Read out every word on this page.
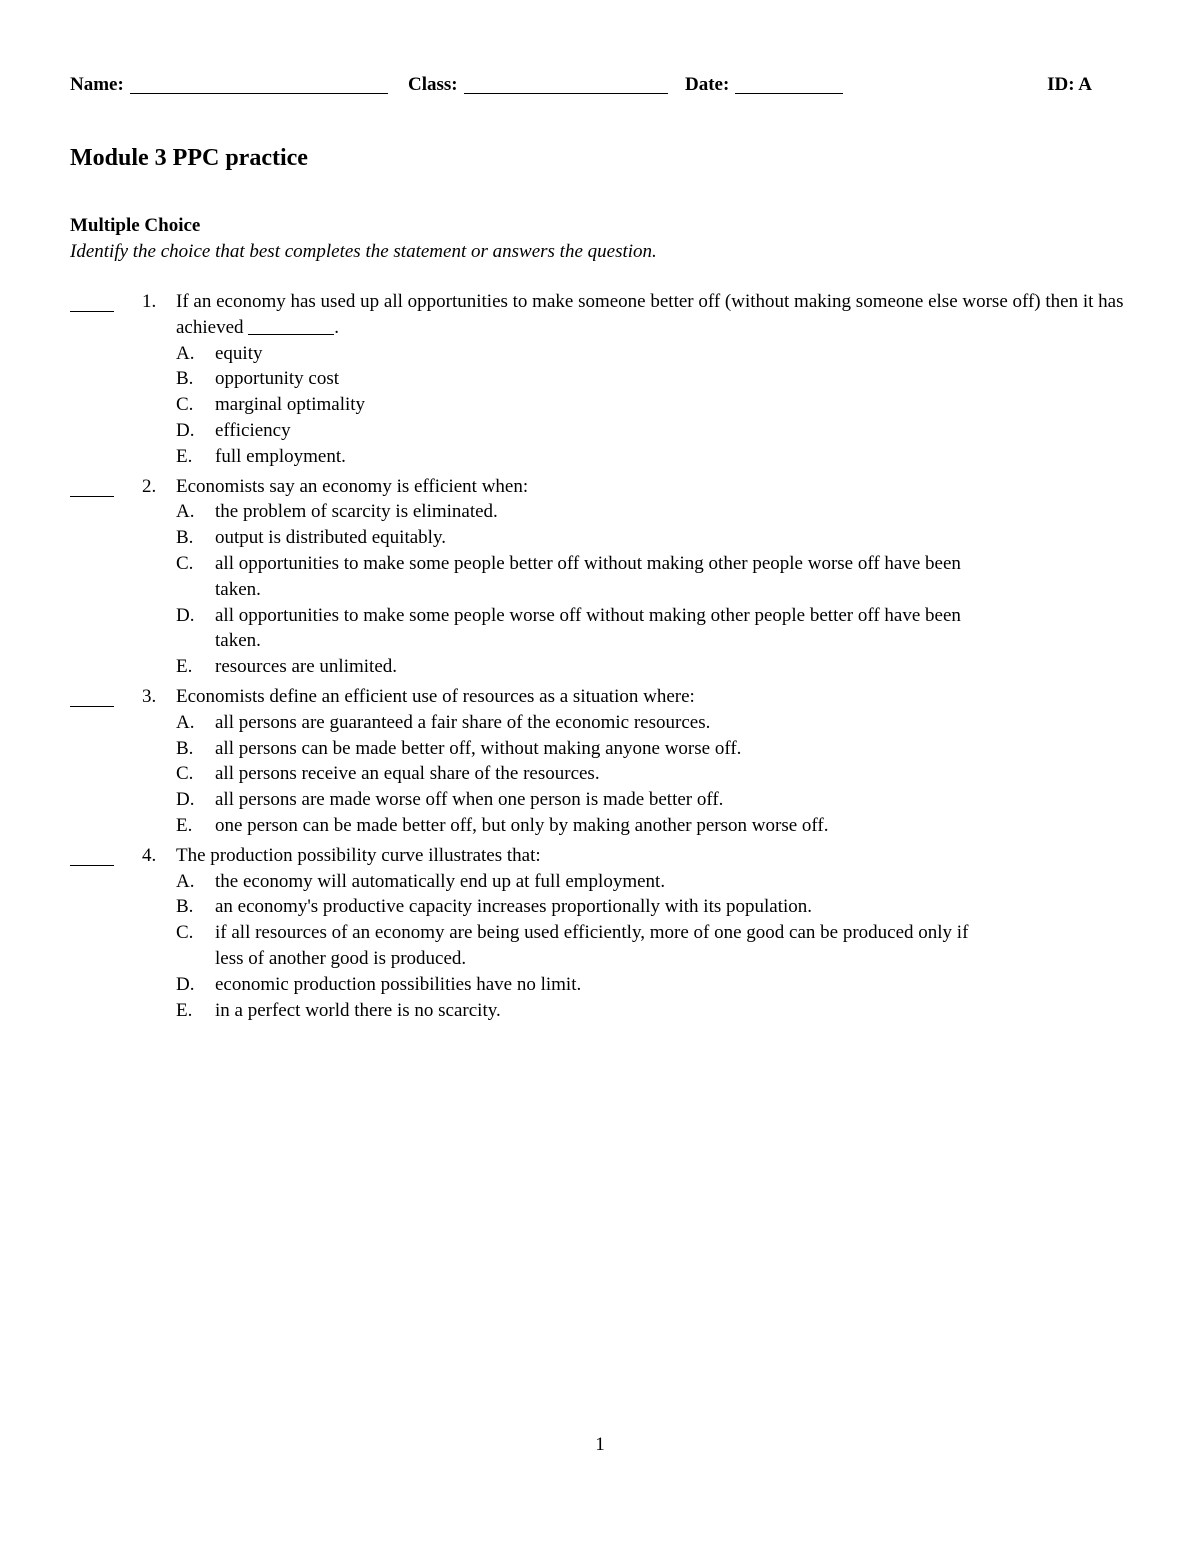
Name:	Class:	Date:	ID: A
Module 3 PPC practice
Multiple Choice
Identify the choice that best completes the statement or answers the question.
1.	If an economy has used up all opportunities to make someone better off (without making someone else worse off) then it has achieved	.
A. equity
B. opportunity cost
C. marginal optimality
D. efficiency
E. full employment.
2.	Economists say an economy is efficient when:
A. the problem of scarcity is eliminated.
B. output is distributed equitably.
C. all opportunities to make some people better off without making other people worse off have been taken.
D. all opportunities to make some people worse off without making other people better off have been taken.
E. resources are unlimited.
3.	Economists define an efficient use of resources as a situation where:
A. all persons are guaranteed a fair share of the economic resources.
B. all persons can be made better off, without making anyone worse off.
C. all persons receive an equal share of the resources.
D. all persons are made worse off when one person is made better off.
E. one person can be made better off, but only by making another person worse off.
4.	The production possibility curve illustrates that:
A. the economy will automatically end up at full employment.
B. an economy's productive capacity increases proportionally with its population.
C. if all resources of an economy are being used efficiently, more of one good can be produced only if less of another good is produced.
D. economic production possibilities have no limit.
E. in a perfect world there is no scarcity.
1
